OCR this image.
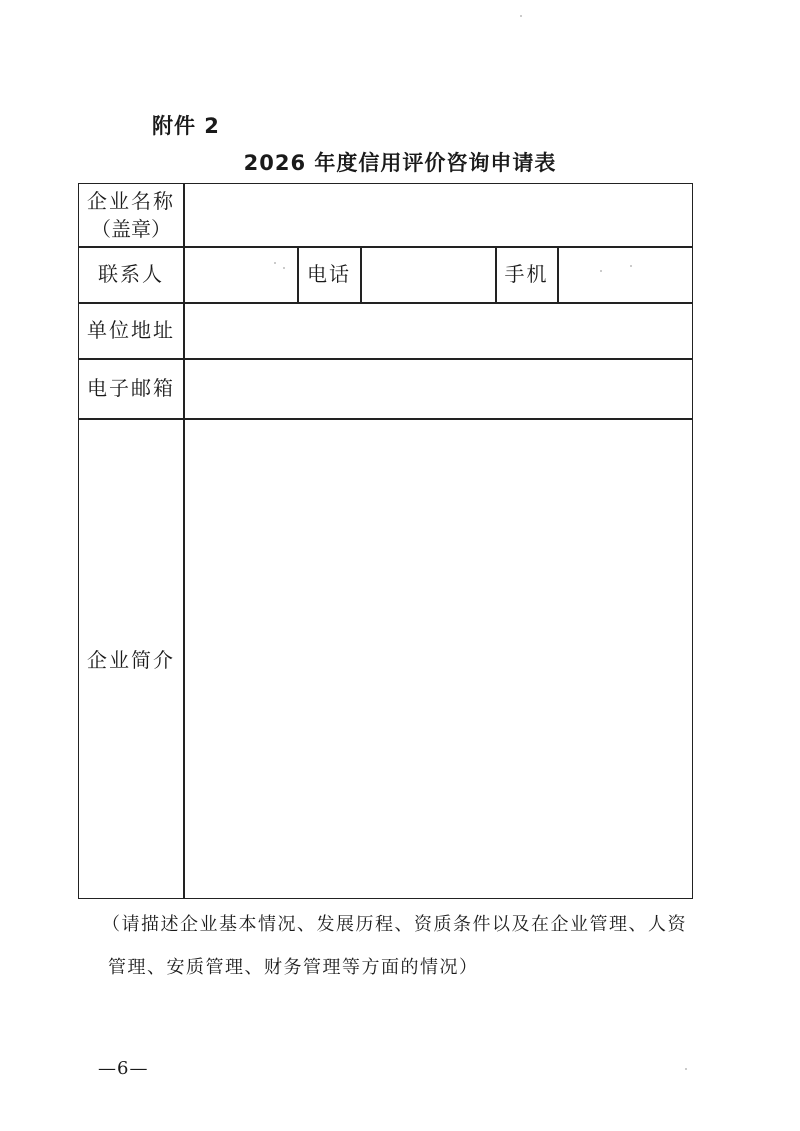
附件 2
2026 年度信用评价咨询申请表
企业名称
（盖章）
联系人	电话	手机
单位地址
电子邮箱
企业简介
（请描述企业基本情况、发展历程、资质条件以及在企业管理、人资
管理、安质管理、财务管理等方面的情况）
—6—
